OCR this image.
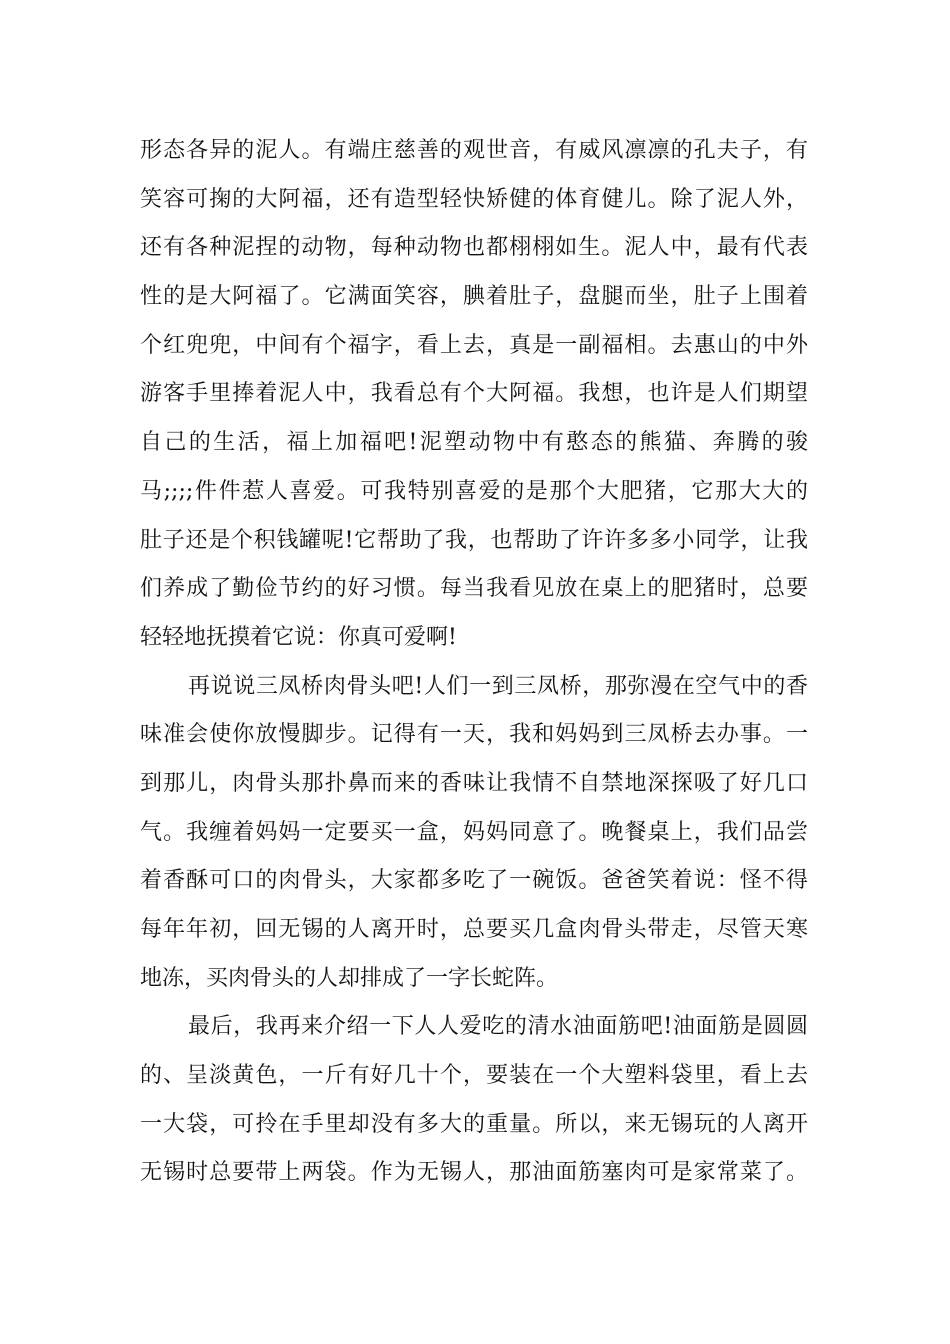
形态各异的泥人。有端庄慈善的观世音，有威风凛凛的孔夫子，有
笑容可掬的大阿福，还有造型轻快矫健的体育健儿。除了泥人外，
还有各种泥捏的动物，每种动物也都栩栩如生。泥人中，最有代表
性的是大阿福了。它满面笑容，腆着肚子，盘腿而坐，肚子上围着
个红兜兜，中间有个福字，看上去，真是一副福相。去惠山的中外
游客手里捧着泥人中，我看总有个大阿福。我想，也许是人们期望
自己的生活，福上加福吧!泥塑动物中有憨态的熊猫、奔腾的骏
马;;;;件件惹人喜爱。可我特别喜爱的是那个大肥猪，它那大大的
肚子还是个积钱罐呢!它帮助了我，也帮助了许许多多小同学，让我
们养成了勤俭节约的好习惯。每当我看见放在桌上的肥猪时，总要
轻轻地抚摸着它说：你真可爱啊!
再说说三凤桥肉骨头吧!人们一到三凤桥，那弥漫在空气中的香
味准会使你放慢脚步。记得有一天，我和妈妈到三凤桥去办事。一
到那儿，肉骨头那扑鼻而来的香味让我情不自禁地深探吸了好几口
气。我缠着妈妈一定要买一盒，妈妈同意了。晚餐桌上，我们品尝
着香酥可口的肉骨头，大家都多吃了一碗饭。爸爸笑着说：怪不得
每年年初，回无锡的人离开时，总要买几盒肉骨头带走，尽管天寒
地冻，买肉骨头的人却排成了一字长蛇阵。
最后，我再来介绍一下人人爱吃的清水油面筋吧!油面筋是圆圆
的、呈淡黄色，一斤有好几十个，要装在一个大塑料袋里，看上去
一大袋，可拎在手里却没有多大的重量。所以，来无锡玩的人离开
无锡时总要带上两袋。作为无锡人，那油面筋塞肉可是家常菜了。
